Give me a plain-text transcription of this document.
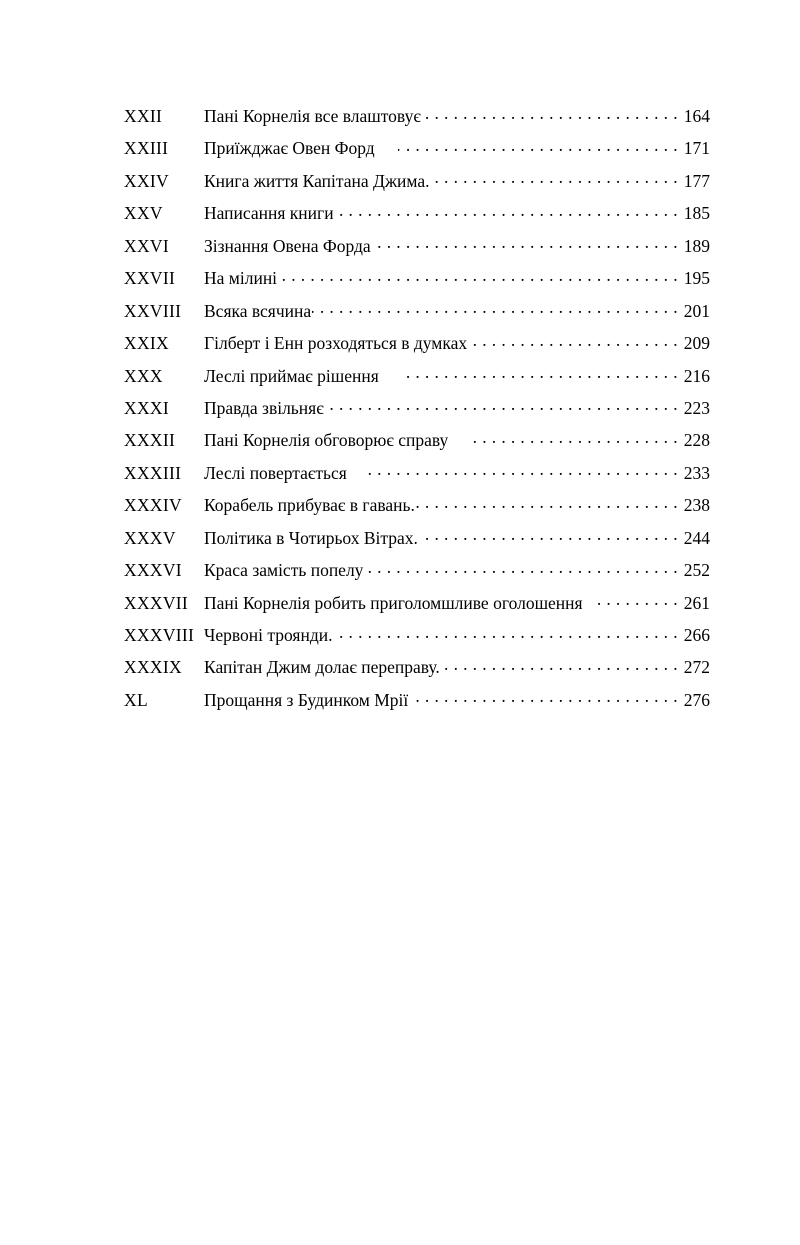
XXII	Пані Корнелія все влаштовує . . .	164
XXIII	Приїжджає Овен Форд . . .	171
XXIV	Книга життя Капітана Джима. . . .	177
XXV	Написання книги . . .	185
XXVI	Зізнання Овена Форда . . .	189
XXVII	На мілині . . .	195
XXVIII	Всяка всячина . . .	201
XXIX	Гілберт і Енн розходяться в думках . . .	209
XXX	Леслі приймає рішення . . .	216
XXXI	Правда звільняє . . .	223
XXXII	Пані Корнелія обговорює справу . . .	228
XXXIII	Леслі повертається . . .	233
XXXIV	Корабель прибуває в гавань. . . .	238
XXXV	Політика в Чотирьох Вітрах. . . .	244
XXXVI	Краса замість попелу . . .	252
XXXVII Пані Корнелія робить приголомшливе оголошення . . .	261
XXXVIII Червоні троянди. . . .	266
XXXIX	Капітан Джим долає переправу. . . .	272
XL	Прощання з Будинком Мрії . . .	276
